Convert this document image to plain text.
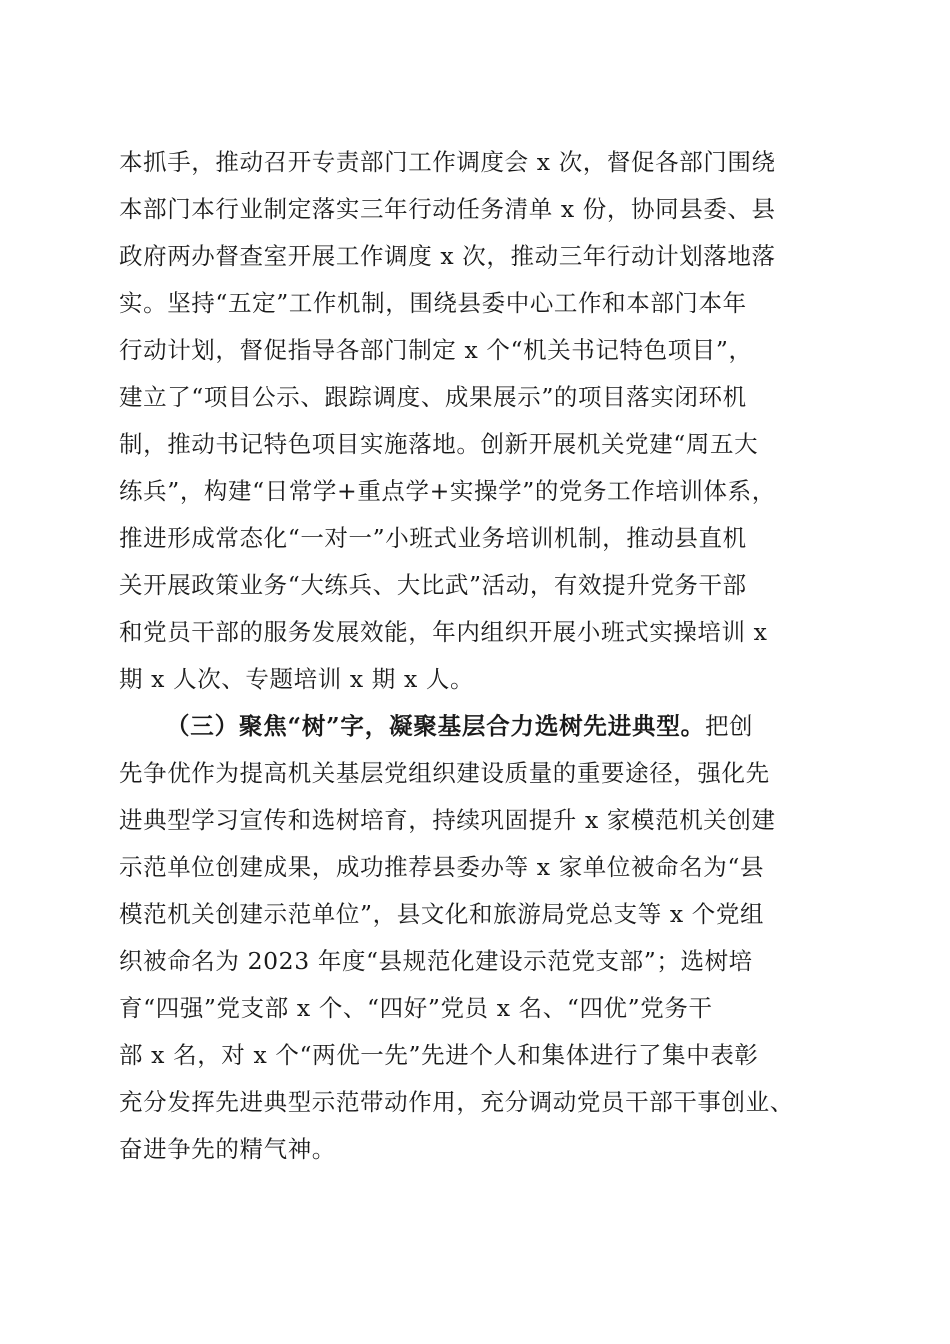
本抓手，推动召开专责部门工作调度会 x 次，督促各部门围绕
本部门本行业制定落实三年行动任务清单 x 份，协同县委、县
政府两办督查室开展工作调度 x 次，推动三年行动计划落地落
实。坚持“五定”工作机制，围绕县委中心工作和本部门本年
行动计划，督促指导各部门制定 x 个“机关书记特色项目”，
建立了“项目公示、跟踪调度、成果展示”的项目落实闭环机
制，推动书记特色项目实施落地。创新开展机关党建“周五大
练兵”，构建“日常学+重点学+实操学”的党务工作培训体系，
推进形成常态化“一对一”小班式业务培训机制，推动县直机
关开展政策业务“大练兵、大比武”活动，有效提升党务干部
和党员干部的服务发展效能，年内组织开展小班式实操培训 x
期 x 人次、专题培训 x 期 x 人。
（三）聚焦“树”字，凝聚基层合力选树先进典型。把创
先争优作为提高机关基层党组织建设质量的重要途径，强化先
进典型学习宣传和选树培育，持续巩固提升 x 家模范机关创建
示范单位创建成果，成功推荐县委办等 x 家单位被命名为“县
模范机关创建示范单位”，县文化和旅游局党总支等 x 个党组
织被命名为 2023 年度“县规范化建设示范党支部”；选树培
育“四强”党支部 x 个、“四好”党员 x 名、“四优”党务干
部 x 名，对 x 个“两优一先”先进个人和集体进行了集中表彰
充分发挥先进典型示范带动作用，充分调动党员干部干事创业、
奋进争先的精气神。
